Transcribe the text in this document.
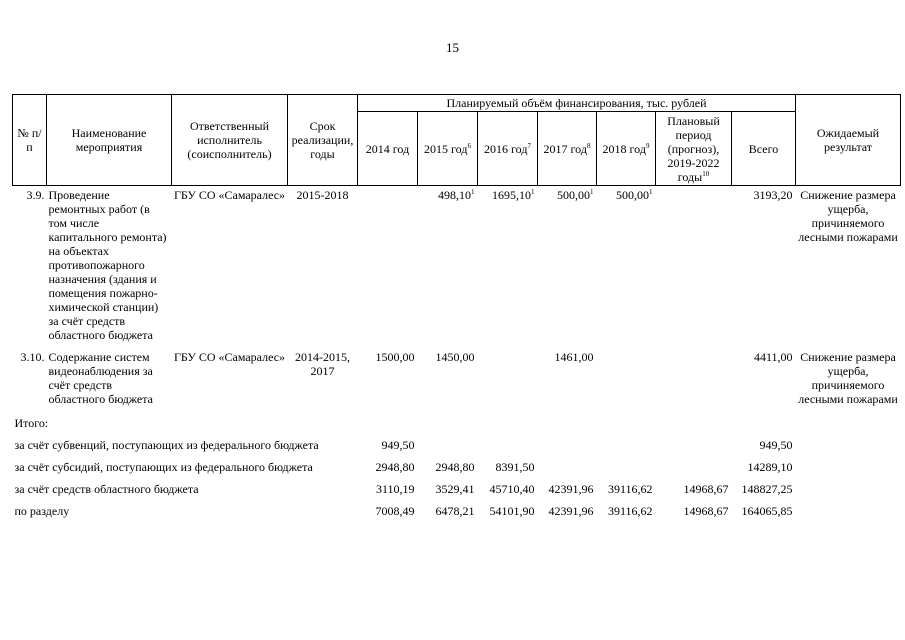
15
№ п/п	Наименование мероприятия	Ответственный исполнитель (соисполнитель)	Срок реализации, годы	Планируемый объём финансирования, тыс. рублей							Ожидаемый результат
				2014 год	2015 год$^6$	2016 год$^7$	2017 год$^8$	2018 год$^9$	Плановый период (прогноз), 2019-2022 годы$^{10}$	Всего	
3.9.	Проведение ремонтных работ (в том числе капитального ремонта) на объектах противопожарного назначения (здания и помещения пожарно-химической станции) за счёт средств областного бюджета	ГБУ СО «Самаралес»	2015-2018		498,10$^1$	1695,10$^1$	500,00$^1$	500,00$^1$		3193,20	Снижение размера ущерба, причиняемого лесными пожарами
3.10.	Содержание систем видеонаблюдения за счёт средств областного бюджета	ГБУ СО «Самаралес»	2014-2015, 2017	1500,00	1450,00		1461,00			4411,00	Снижение размера ущерба, причиняемого лесными пожарами
Итого:											
за счёт субвенций, поступающих из федерального бюджета				949,50						949,50	
за счёт субсидий, поступающих из федерального бюджета				2948,80	2948,80	8391,50				14289,10	
за счёт средств областного бюджета				3110,19	3529,41	45710,40	42391,96	39116,62	14968,67	148827,25	
по разделу				7008,49	6478,21	54101,90	42391,96	39116,62	14968,67	164065,85	
